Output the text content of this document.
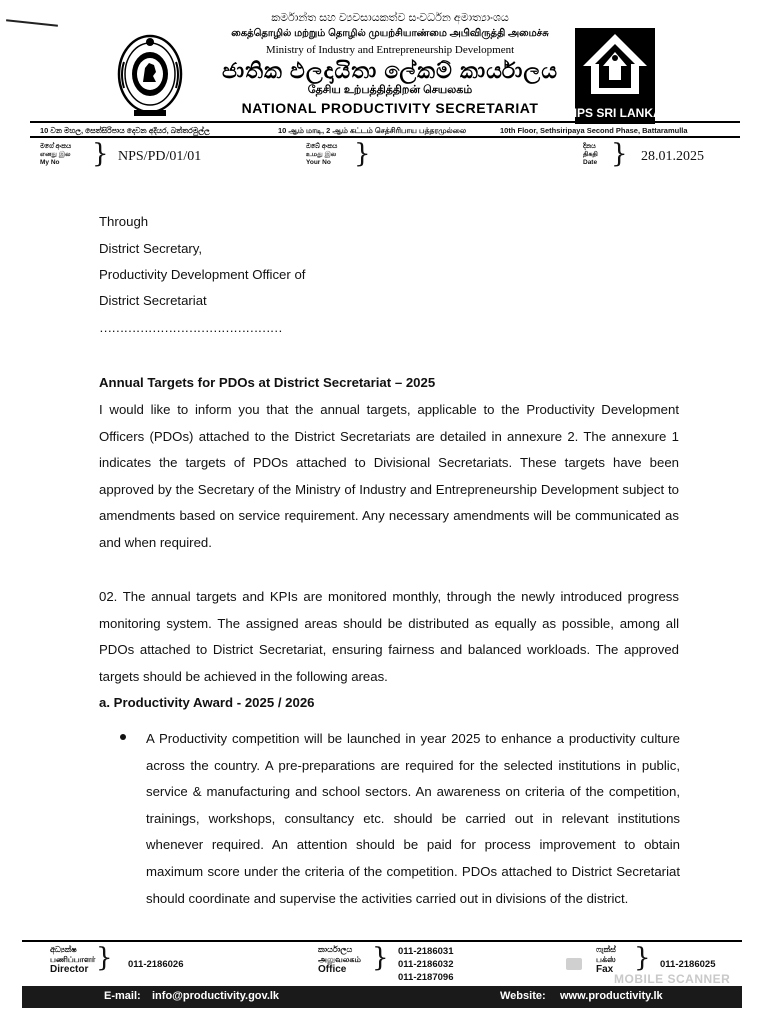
කර්මාන්ත සහ ව්‍යවසායකත්ව සංවර්ධන අමාත්‍යාංශය
கைத்தொழில் மற்றும் தொழில் முயற்சியாண்மை அபிவிருத்தி அமைச்சு
Ministry of Industry and Entrepreneurship Development
ජාතික ඵලදායිතා ලේකම් කාර්යාලය
தேசிய உற்பத்தித்திறன் செயலகம்
NATIONAL PRODUCTIVITY SECRETARIAT	NPS SRI LANKA
10 වන මහල, සෙත්සිරිපාය දෙවන අදියර, බත්තරමුල්ල	10 ஆம் மாடி, 2 ஆம் கட்டம் செத்சிரிபாய பத்தரமுல்லை	10th Floor, Sethsiripaya Second Phase, Battaramulla
මගේ අංකය
எனது இல
My No	} NPS/PD/01/01
ඔබේ අංකය
உமது இல
Your No }	දිනය
திகதி
Date } 28.01.2025
Through
District Secretary,
Productivity Development Officer of
District Secretariat
………………………………………
Annual Targets for PDOs at District Secretariat – 2025
I would like to inform you that the annual targets, applicable to the Productivity Development Officers (PDOs) attached to the District Secretariats are detailed in annexure 2. The annexure 1 indicates the targets of PDOs attached to Divisional Secretariats. These targets have been approved by the Secretary of the Ministry of Industry and Entrepreneurship Development subject to amendments based on service requirement. Any necessary amendments will be communicated as and when required.
02. The annual targets and KPIs are monitored monthly, through the newly introduced progress monitoring system. The assigned areas should be distributed as equally as possible, among all PDOs attached to District Secretariat, ensuring fairness and balanced workloads. The approved targets should be achieved in the following areas.
a. Productivity Award - 2025 / 2026
A Productivity competition will be launched in year 2025 to enhance a productivity culture across the country. A pre-preparations are required for the selected institutions in public, service & manufacturing and school sectors. An awareness on criteria of the competition, trainings, workshops, consultancy etc. should be carried out in relevant institutions whenever required. An attention should be paid for process improvement to obtain maximum score under the criteria of the competition. PDOs attached to District Secretariat should coordinate and supervise the activities carried out in divisions of the district.
අධ්‍යක්ෂ
பணிப்பாளர்
Director } 011-2186026
කාර්යාලය
அலுவலகம்
Office } 011-2186031
011-2186032
011-2187096
ෆැක්ස්
பக்ஸ்
Fax } 011-2186025
MOBILE SCANNER
E-mail: info@productivity.gov.lk	Website: www.productivity.lk
